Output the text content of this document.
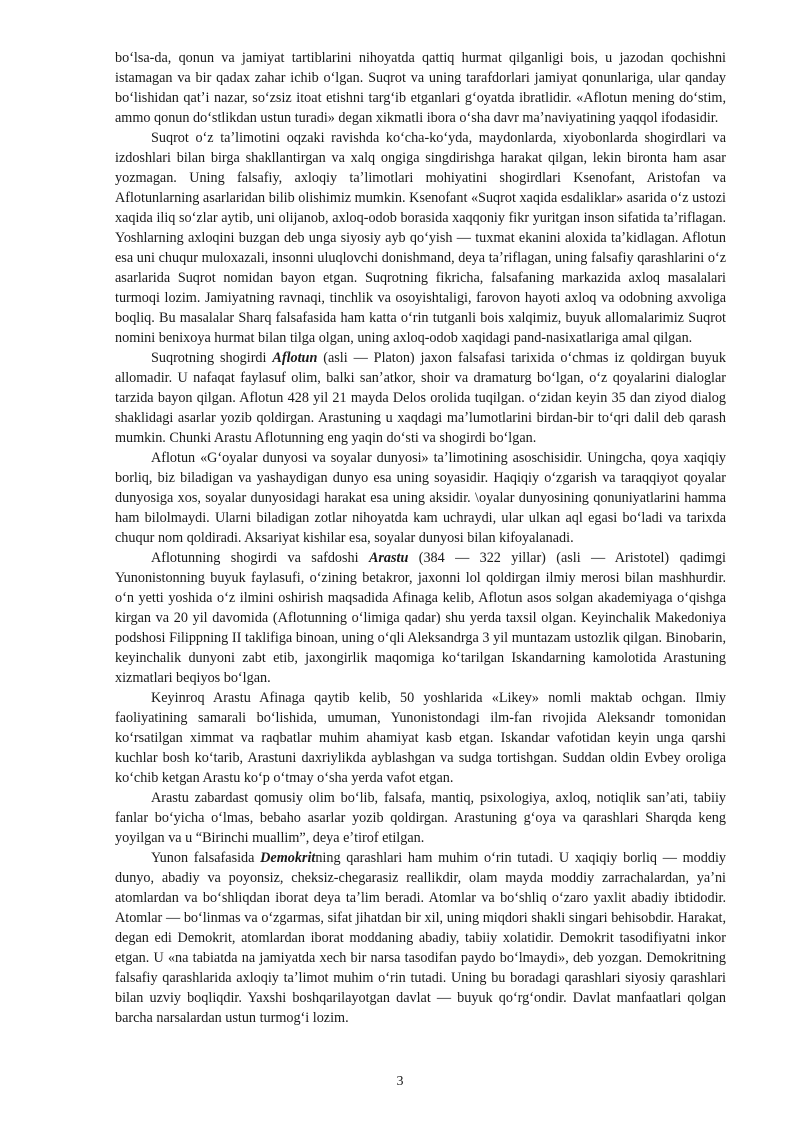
boʻlsa-da, qonun va jamiyat tartiblarini nihoyatda qattiq hurmat qilganligi bois, u jazodan qochishni istamagan va bir qadax zahar ichib oʻlgan. Suqrot va uning tarafdorlari jamiyat qonunlariga, ular qanday boʻlishidan qatʼi nazar, soʻzsiz itoat etishni targʻib etganlari gʻoyatda ibratlidir. «Aflotun mening doʻstim, ammo qonun doʻstlikdan ustun turadi» degan xikmatli ibora oʻsha davr maʼnaviyatining yaqqol ifodasidir.

Suqrot oʻz taʼlimotini oqzaki ravishda koʻcha-koʻyda, maydonlarda, xiyobonlarda shogirdlari va izdoshlari bilan birga shakllantirgan va xalq ongiga singdirishga harakat qilgan, lekin bironta ham asar yozmagan. Uning falsafiy, axloqiy taʼlimotlari mohiyatini shogirdlari Ksenofant, Aristofan va Aflotunlarning asarlaridan bilib olishimiz mumkin. Ksenofant «Suqrot xaqida esdaliklar» asarida oʻz ustozi xaqida iliq soʻzlar aytib, uni olijanob, axloq-odob borasida xaqqoniy fikr yuritgan inson sifatida taʼriflagan. Yoshlarning axloqini buzgan deb unga siyosiy ayb qoʻyish — tuxmat ekanini aloxida taʼkidlagan. Aflotun esa uni chuqur muloxazali, insonni uluqlovchi donishmand, deya taʼriflagan, uning falsafiy qarashlarini oʻz asarlarida Suqrot nomidan bayon etgan. Suqrotning fikricha, falsafaning markazida axloq masalalari turmoqi lozim. Jamiyatning ravnaqi, tinchlik va osoyishtaligi, farovon hayoti axloq va odobning axvoliga boqliq. Bu masalalar Sharq falsafasida ham katta oʻrin tutganli bois xalqimiz, buyuk allomalarimiz Suqrot nomini benixoya hurmat bilan tilga olgan, uning axloq-odob xaqidagi pand-nasixatlariga amal qilgan.

Suqrotning shogirdi Aflotun (asli — Platon) jaxon falsafasi tarixida oʻchmas iz qoldirgan buyuk allomadir. U nafaqat faylasuf olim, balki sanʼatkor, shoir va dramaturg boʻlgan, oʻz qoyalarini dialoglar tarzida bayon qilgan. Aflotun 428 yil 21 mayda Delos orolida tuqilgan. oʻzidan keyin 35 dan ziyod dialog shaklidagi asarlar yozib qoldirgan. Arastuning u xaqdagi maʼlumotlarini birdan-bir toʻqri dalil deb qarash mumkin. Chunki Arastu Aflotunning eng yaqin doʻsti va shogirdi boʻlgan.

Aflotun «Gʻoyalar dunyosi va soyalar dunyosi» taʼlimotining asoschisidir. Uningcha, qoya xaqiqiy borliq, biz biladigan va yashaydigan dunyo esa uning soyasidir. Haqiqiy oʻzgarish va taraqqiyot qoyalar dunyosiga xos, soyalar dunyosidagi harakat esa uning aksidir. \oyalar dunyosining qonuniyatlarini hamma ham bilolmaydi. Ularni biladigan zotlar nihoyatda kam uchraydi, ular ulkan aql egasi boʻladi va tarixda chuqur nom qoldiradi. Aksariyat kishilar esa, soyalar dunyosi bilan kifoyalanadi.

Aflotunning shogirdi va safdoshi Arastu (384 — 322 yillar) (asli — Aristotel) qadimgi Yunonistonning buyuk faylasufi, oʻzining betakror, jaxonni lol qoldirgan ilmiy merosi bilan mashhurdir. oʻn yetti yoshida oʻz ilmini oshirish maqsadida Afinaga kelib, Aflotun asos solgan akademiyaga oʻqishga kirgan va 20 yil davomida (Aflotunning oʻlimiga qadar) shu yerda taxsil olgan. Keyinchalik Makedoniya podshosi Filippning II taklifiga binoan, uning oʻqli Aleksandrga 3 yil muntazam ustozlik qilgan. Binobarin, keyinchalik dunyoni zabt etib, jaxongirlik maqomiga koʻtarilgan Iskandarning kamolotida Arastuning xizmatlari beqiyos boʻlgan.

Keyinroq Arastu Afinaga qaytib kelib, 50 yoshlarida «Likey» nomli maktab ochgan. Ilmiy faoliyatining samarali boʻlishida, umuman, Yunonistondagi ilm-fan rivojida Aleksandr tomonidan koʻrsatilgan ximmat va raqbatlar muhim ahamiyat kasb etgan. Iskandar vafotidan keyin unga qarshi kuchlar bosh koʻtarib, Arastuni daxriylikda ayblashgan va sudga tortishgan. Suddan oldin Evbey oroliga koʻchib ketgan Arastu koʻp oʻtmay oʻsha yerda vafot etgan.

Arastu zabardast qomusiy olim boʻlib, falsafa, mantiq, psixologiya, axloq, notiqlik sanʼati, tabiiy fanlar boʻyicha oʻlmas, bebaho asarlar yozib qoldirgan. Arastuning gʻoya va qarashlari Sharqda keng yoyilgan va u “Birinchi muallim”, deya eʼtirof etilgan.

Yunon falsafasida Demokritning qarashlari ham muhim oʻrin tutadi. U xaqiqiy borliq — moddiy dunyo, abadiy va poyonsiz, cheksiz-chegarasiz reallikdir, olam mayda moddiy zarrachalardan, yaʼni atomlardan va boʻshliqdan iborat deya taʼlim beradi. Atomlar va boʻshliq oʻzaro yaxlit abadiy ibtidodir. Atomlar — boʻlinmas va oʻzgarmas, sifat jihatdan bir xil, uning miqdori shakli singari behisobdir. Harakat, degan edi Demokrit, atomlardan iborat moddaning abadiy, tabiiy xolatidir. Demokrit tasodifiyatni inkor etgan. U «na tabiatda na jamiyatda xech bir narsa tasodifan paydo boʻlmaydi», deb yozgan. Demokritning falsafiy qarashlarida axloqiy taʼlimot muhim oʻrin tutadi. Uning bu boradagi qarashlari siyosiy qarashlari bilan uzviy boqliqdir. Yaxshi boshqarilayotgan davlat — buyuk qoʻrgʻondir. Davlat manfaatlari qolgan barcha narsalardan ustun turmogʻi lozim.

3
